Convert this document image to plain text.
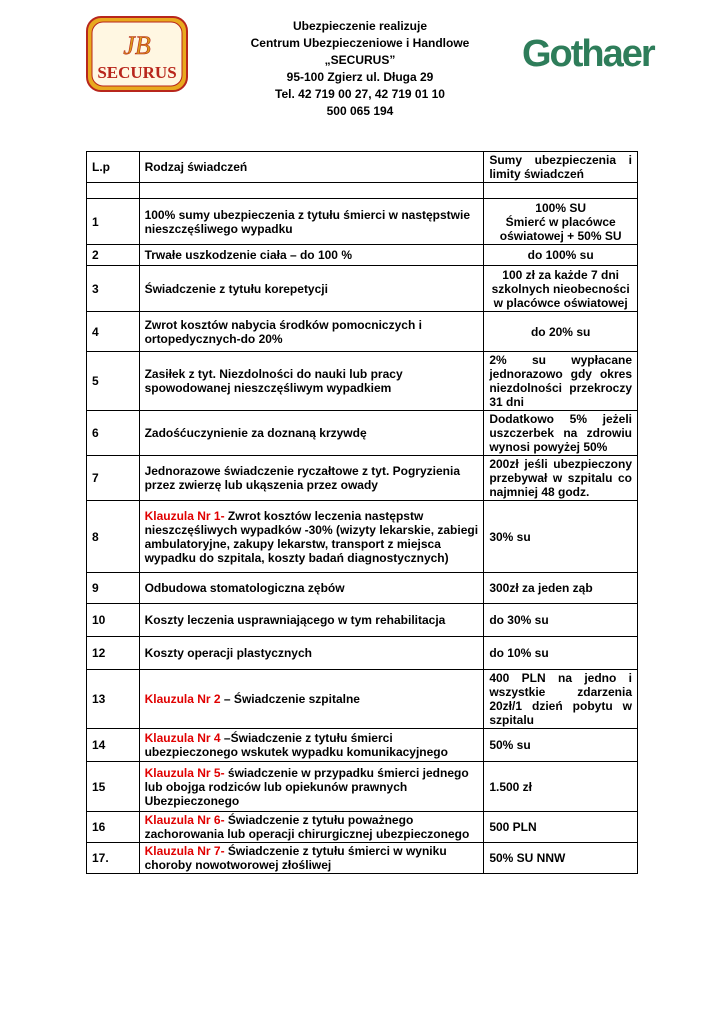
JB
SECURUS
Ubezpieczenie realizuje
Centrum Ubezpieczeniowe i Handlowe
„SECURUS”
95-100 Zgierz ul. Długa 29
Tel. 42 719 00 27, 42 719 01 10
500 065 194
Gothaer
L.p	Rodzaj świadczeń	Sumy ubezpieczenia i limity świadczeń

1	100% sumy ubezpieczenia z tytułu śmierci w następstwie nieszczęśliwego wypadku	100% SU
Śmierć w placówce oświatowej + 50% SU

2	Trwałe uszkodzenie ciała – do 100 %	do 100% su
3	Świadczenie z tytułu korepetycji	100 zł za każde 7 dni szkolnych nieobecności w placówce oświatowej
4	Zwrot kosztów nabycia środków pomocniczych i ortopedycznych-do 20%	do 20% su
5	Zasiłek z tyt. Niezdolności do nauki lub pracy spowodowanej nieszczęśliwym wypadkiem	2% su wypłacane jednorazowo gdy okres niezdolności przekroczy 31 dni
6	Zadośćuczynienie za doznaną krzywdę	Dodatkowo 5% jeżeli uszczerbek na zdrowiu wynosi powyżej 50%
7	Jednorazowe świadczenie ryczałtowe z tyt. Pogryzienia przez zwierzę lub ukąszenia przez owady	200zł jeśli ubezpieczony przebywał w szpitalu co najmniej 48 godz.
8	Klauzula Nr 1- Zwrot kosztów leczenia następstw nieszczęśliwych wypadków -30% (wizyty lekarskie, zabiegi ambulatoryjne, zakupy lekarstw, transport z miejsca wypadku do szpitala, koszty badań diagnostycznych)	30% su
9	Odbudowa stomatologiczna zębów	300zł za jeden ząb
10	Koszty leczenia usprawniającego w tym rehabilitacja	do 30% su
12	Koszty operacji plastycznych	do 10% su
13	Klauzula Nr 2 – Świadczenie szpitalne	400 PLN na jedno i wszystkie zdarzenia 20zł/1 dzień pobytu w szpitalu
14	Klauzula Nr 4 –Świadczenie z tytułu śmierci ubezpieczonego wskutek wypadku komunikacyjnego	50% su
15	Klauzula Nr 5- świadczenie w przypadku śmierci jednego lub obojga rodziców lub opiekunów prawnych Ubezpieczonego	1.500 zł
16	Klauzula Nr 6- Świadczenie z tytułu poważnego zachorowania lub operacji chirurgicznej ubezpieczonego	500 PLN
17.	Klauzula Nr 7- Świadczenie z tytułu śmierci w wyniku choroby nowotworowej złośliwej	50% SU NNW
